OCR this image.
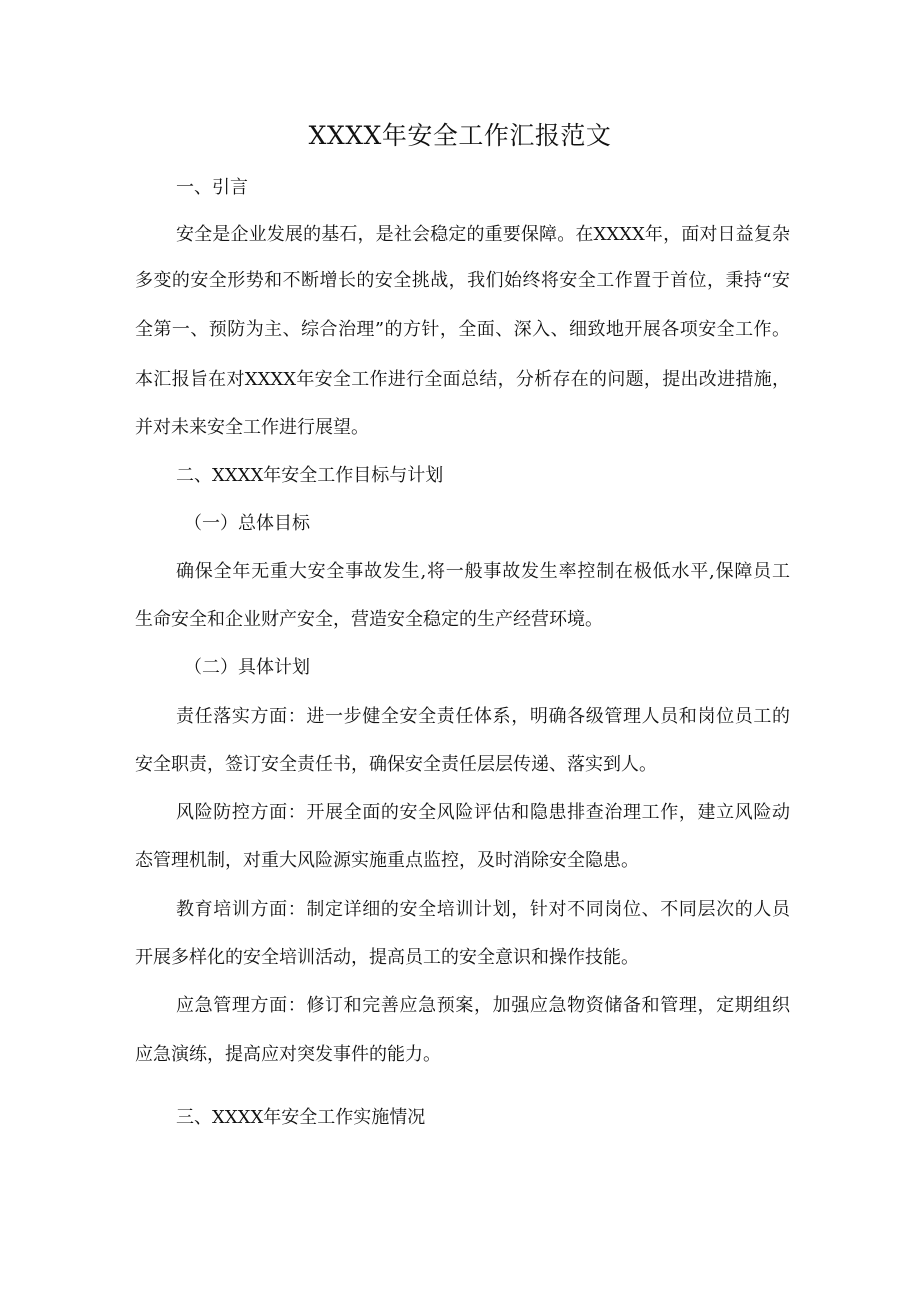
XXXX年安全工作汇报范文
一、引言
安全是企业发展的基石，是社会稳定的重要保障。在XXXX年，面对日益复杂
多变的安全形势和不断增长的安全挑战，我们始终将安全工作置于首位，秉持“安
全第一、预防为主、综合治理”的方针，全面、深入、细致地开展各项安全工作。
本汇报旨在对XXXX年安全工作进行全面总结，分析存在的问题，提出改进措施，
并对未来安全工作进行展望。
二、XXXX年安全工作目标与计划
（一）总体目标
确保全年无重大安全事故发生,将一般事故发生率控制在极低水平,保障员工
生命安全和企业财产安全，营造安全稳定的生产经营环境。
（二）具体计划
责任落实方面：进一步健全安全责任体系，明确各级管理人员和岗位员工的
安全职责，签订安全责任书，确保安全责任层层传递、落实到人。
风险防控方面：开展全面的安全风险评估和隐患排查治理工作，建立风险动
态管理机制，对重大风险源实施重点监控，及时消除安全隐患。
教育培训方面：制定详细的安全培训计划，针对不同岗位、不同层次的人员
开展多样化的安全培训活动，提高员工的安全意识和操作技能。
应急管理方面：修订和完善应急预案，加强应急物资储备和管理，定期组织
应急演练，提高应对突发事件的能力。
三、XXXX年安全工作实施情况
